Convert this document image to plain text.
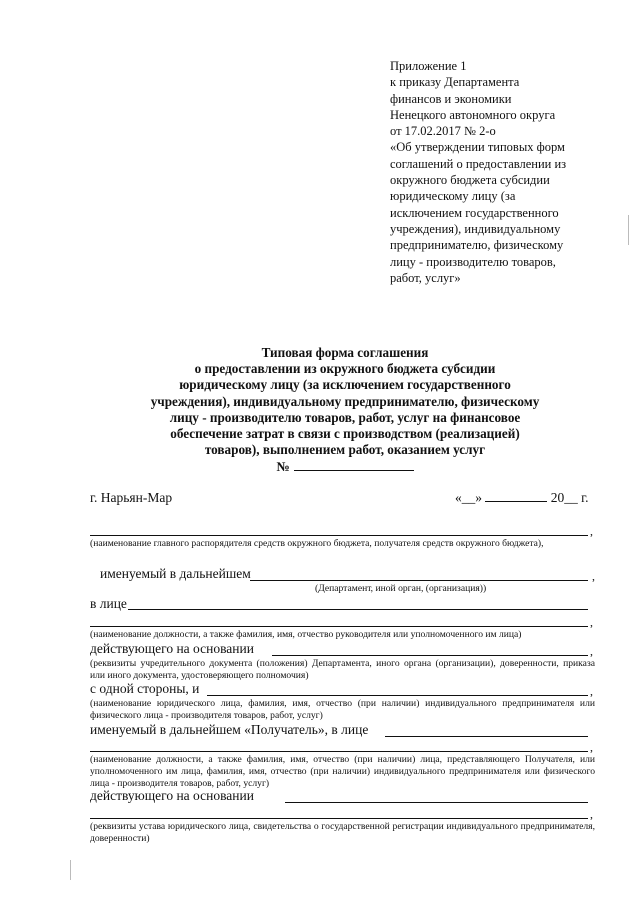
Приложение 1
к приказу Департамента
финансов и экономики
Ненецкого автономного округа
от 17.02.2017 № 2-о
«Об утверждении типовых форм
соглашений о предоставлении из
окружного бюджета субсидии
юридическому лицу (за
исключением государственного
учреждения), индивидуальному
предпринимателю, физическому
лицу - производителю товаров,
работ, услуг»
Типовая форма соглашения
о предоставлении из окружного бюджета субсидии
юридическому лицу (за исключением государственного
учреждения), индивидуальному предпринимателю, физическому
лицу - производителю товаров, работ, услуг на финансовое
обеспечение затрат в связи с производством (реализацией)
товаров), выполнением работ, оказанием услуг
№
г. Нарьян-Мар	«__»	20__ г.
,
(наименование главного распорядителя средств окружного бюджета, получателя средств окружного бюджета),
именуемый в дальнейшем	,
(Департамент, иной орган, (организация))
в лице
,
(наименование должности, а также фамилия, имя, отчество руководителя или уполномоченного им лица)
действующего на основании	,
(реквизиты учредительного документа (положения) Департамента, иного органа (организации), доверенности, приказа или иного документа, удостоверяющего полномочия)
с одной стороны, и	,
(наименование юридического лица, фамилия, имя, отчество (при наличии) индивидуального предпринимателя или физического лица - производителя товаров, работ, услуг)
именуемый в дальнейшем «Получатель», в лице
,
(наименование должности, а также фамилия, имя, отчество (при наличии) лица, представляющего Получателя, или уполномоченного им лица, фамилия, имя, отчество (при наличии) индивидуального предпринимателя или физического лица - производителя товаров, работ, услуг)
действующего на основании
,
(реквизиты устава юридического лица, свидетельства о государственной регистрации индивидуального предпринимателя, доверенности)
